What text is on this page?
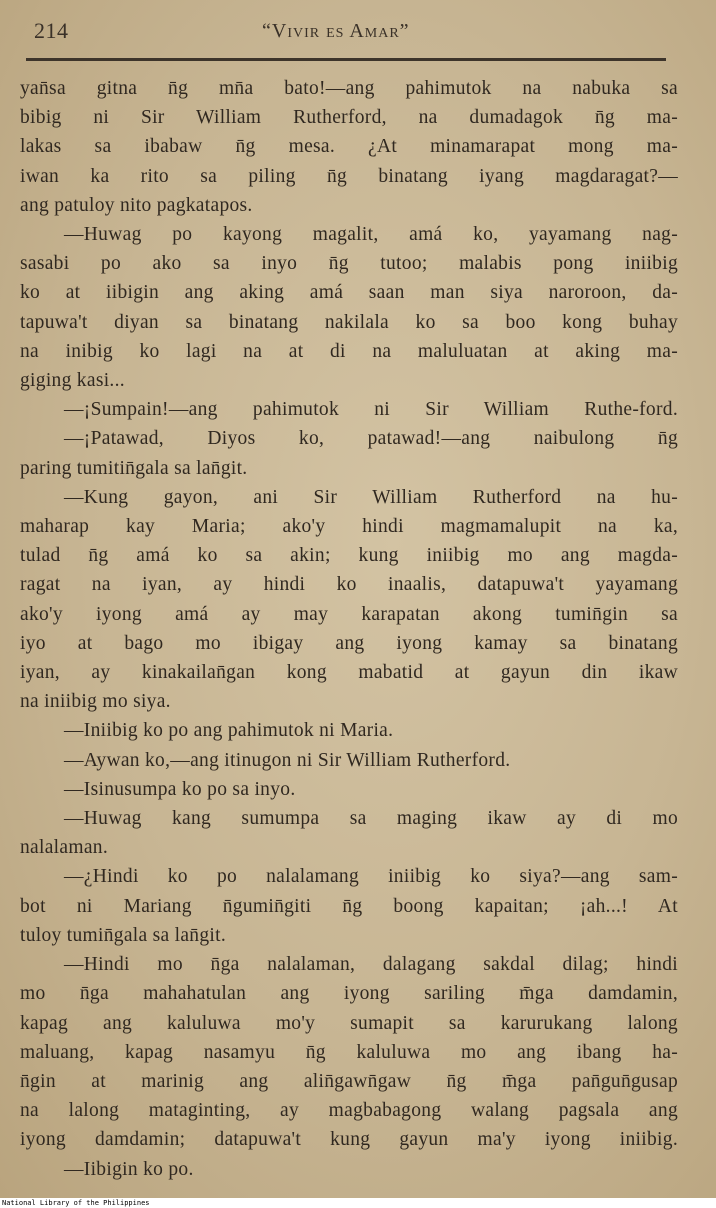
214	“Vivir es Amar”
yan̄sa gitna n̄g mn̄a bato!—ang pahimutok na nabuka sa
bibig ni Sir William Rutherford, na dumadagok n̄g ma-
lakas sa ibabaw n̄g mesa. ¿At minamarapat mong ma-
iwan ka rito sa piling n̄g binatang iyang magdaragat?—
ang patuloy nito pagkatapos.
—Huwag po kayong magalit, amá ko, yayamang nag-
sasabi po ako sa inyo n̄g tutoo; malabis pong iniibig
ko at iibigin ang aking amá saan man siya naroroon, da-
tapuwa't diyan sa binatang nakilala ko sa boo kong buhay
na inibig ko lagi na at di na maluluatan at aking ma-
giging kasi...
—¡Sumpain!—ang pahimutok ni Sir William Ruthe-ford.
—¡Patawad, Diyos ko, patawad!—ang naibulong n̄g
paring tumitin̄gala sa lan̄git.
—Kung gayon, ani Sir William Rutherford na hu-
maharap kay Maria; ako'y hindi magmamalupit na ka,
tulad n̄g amá ko sa akin; kung iniibig mo ang magda-
ragat na iyan, ay hindi ko inaalis, datapuwa't yayamang
ako'y iyong amá ay may karapatan akong tumin̄gin sa
iyo at bago mo ibigay ang iyong kamay sa binatang
iyan, ay kinakailan̄gan kong mabatid at gayun din ikaw
na iniibig mo siya.
—Iniibig ko po ang pahimutok ni Maria.
—Aywan ko,—ang itinugon ni Sir William Rutherford.
—Isinusumpa ko po sa inyo.
—Huwag kang sumumpa sa maging ikaw ay di mo
nalalaman.
—¿Hindi ko po nalalamang iniibig ko siya?—ang sam-
bot ni Mariang n̄gumin̄giti n̄g boong kapaitan; ¡ah...! At
tuloy tumin̄gala sa lan̄git.
—Hindi mo n̄ga nalalaman, dalagang sakdal dilag; hindi
mo n̄ga mahahatulan ang iyong sariling m̄ga damdamin,
kapag ang kaluluwa mo'y sumapit sa karurukang lalong
maluang, kapag nasamyu n̄g kaluluwa mo ang ibang ha-
n̄gin at marinig ang alin̄gawn̄gaw n̄g m̄ga pan̄gun̄gusap
na lalong mataginting, ay magbabagong walang pagsala ang
iyong damdamin; datapuwa't kung gayun ma'y iyong iniibig.
—Iibigin ko po.
National Library of the Philippines
